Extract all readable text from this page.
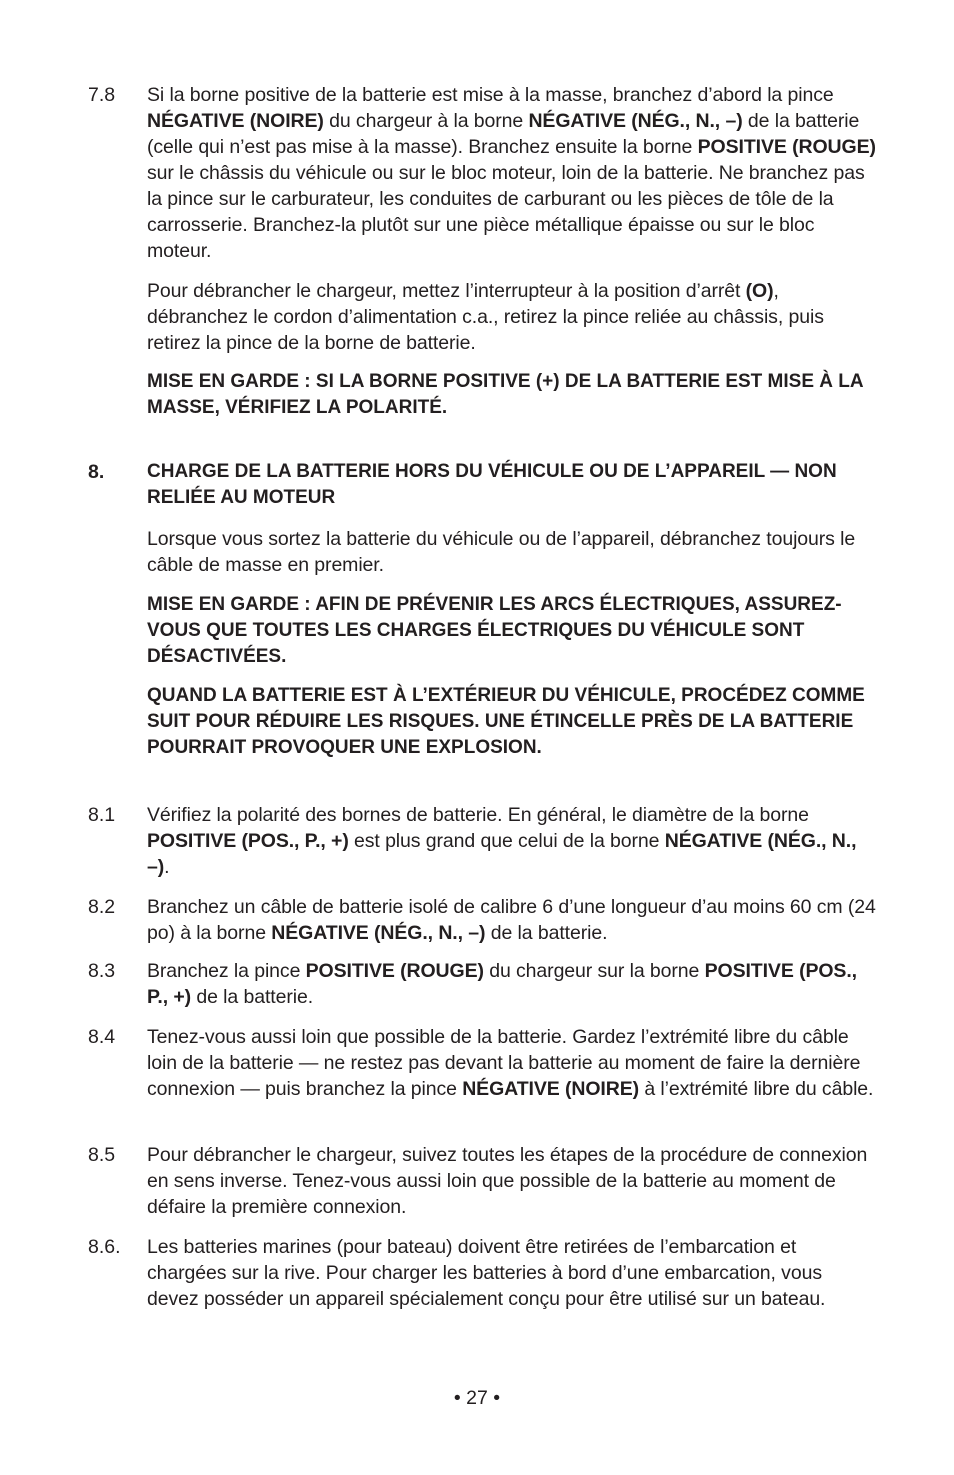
7.8 Si la borne positive de la batterie est mise à la masse, branchez d’abord la pince NÉGATIVE (NOIRE) du chargeur à la borne NÉGATIVE (NÉG., N., –) de la batterie (celle qui n’est pas mise à la masse). Branchez ensuite la borne POSITIVE (ROUGE) sur le châssis du véhicule ou sur le bloc moteur, loin de la batterie. Ne branchez pas la pince sur le carburateur, les conduites de carburant ou les pièces de tôle de la carrosserie. Branchez-la plutôt sur une pièce métallique épaisse ou sur le bloc moteur.
Pour débrancher le chargeur, mettez l’interrupteur à la position d’arrêt (O), débranchez le cordon d’alimentation c.a., retirez la pince reliée au châssis, puis retirez la pince de la borne de batterie.
MISE EN GARDE : SI LA BORNE POSITIVE (+) DE LA BATTERIE EST MISE À LA MASSE, VÉRIFIEZ LA POLARITÉ.
8. CHARGE DE LA BATTERIE HORS DU VÉHICULE OU DE L’APPAREIL — NON RELIÉE AU MOTEUR
Lorsque vous sortez la batterie du véhicule ou de l’appareil, débranchez toujours le câble de masse en premier.
MISE EN GARDE : AFIN DE PRÉVENIR LES ARCS ÉLECTRIQUES, ASSUREZ-VOUS QUE TOUTES LES CHARGES ÉLECTRIQUES DU VÉHICULE SONT DÉSACTIVÉES.
QUAND LA BATTERIE EST À L’EXTÉRIEUR DU VÉHICULE, PROCÉDEZ COMME SUIT POUR RÉDUIRE LES RISQUES. UNE ÉTINCELLE PRÈS DE LA BATTERIE POURRAIT PROVOQUER UNE EXPLOSION.
8.1 Vérifiez la polarité des bornes de batterie. En général, le diamètre de la borne POSITIVE (POS., P., +) est plus grand que celui de la borne NÉGATIVE (NÉG., N., –).
8.2 Branchez un câble de batterie isolé de calibre 6 d’une longueur d’au moins 60 cm (24 po) à la borne NÉGATIVE (NÉG., N., –) de la batterie.
8.3 Branchez la pince POSITIVE (ROUGE) du chargeur sur la borne POSITIVE (POS., P., +) de la batterie.
8.4 Tenez-vous aussi loin que possible de la batterie. Gardez l’extrémité libre du câble loin de la batterie — ne restez pas devant la batterie au moment de faire la dernière connexion — puis branchez la pince NÉGATIVE (NOIRE) à l’extrémité libre du câble.
8.5 Pour débrancher le chargeur, suivez toutes les étapes de la procédure de connexion en sens inverse. Tenez-vous aussi loin que possible de la batterie au moment de défaire la première connexion.
8.6. Les batteries marines (pour bateau) doivent être retirées de l’embarcation et chargées sur la rive. Pour charger les batteries à bord d’une embarcation, vous devez posséder un appareil spécialement conçu pour être utilisé sur un bateau.
• 27 •
